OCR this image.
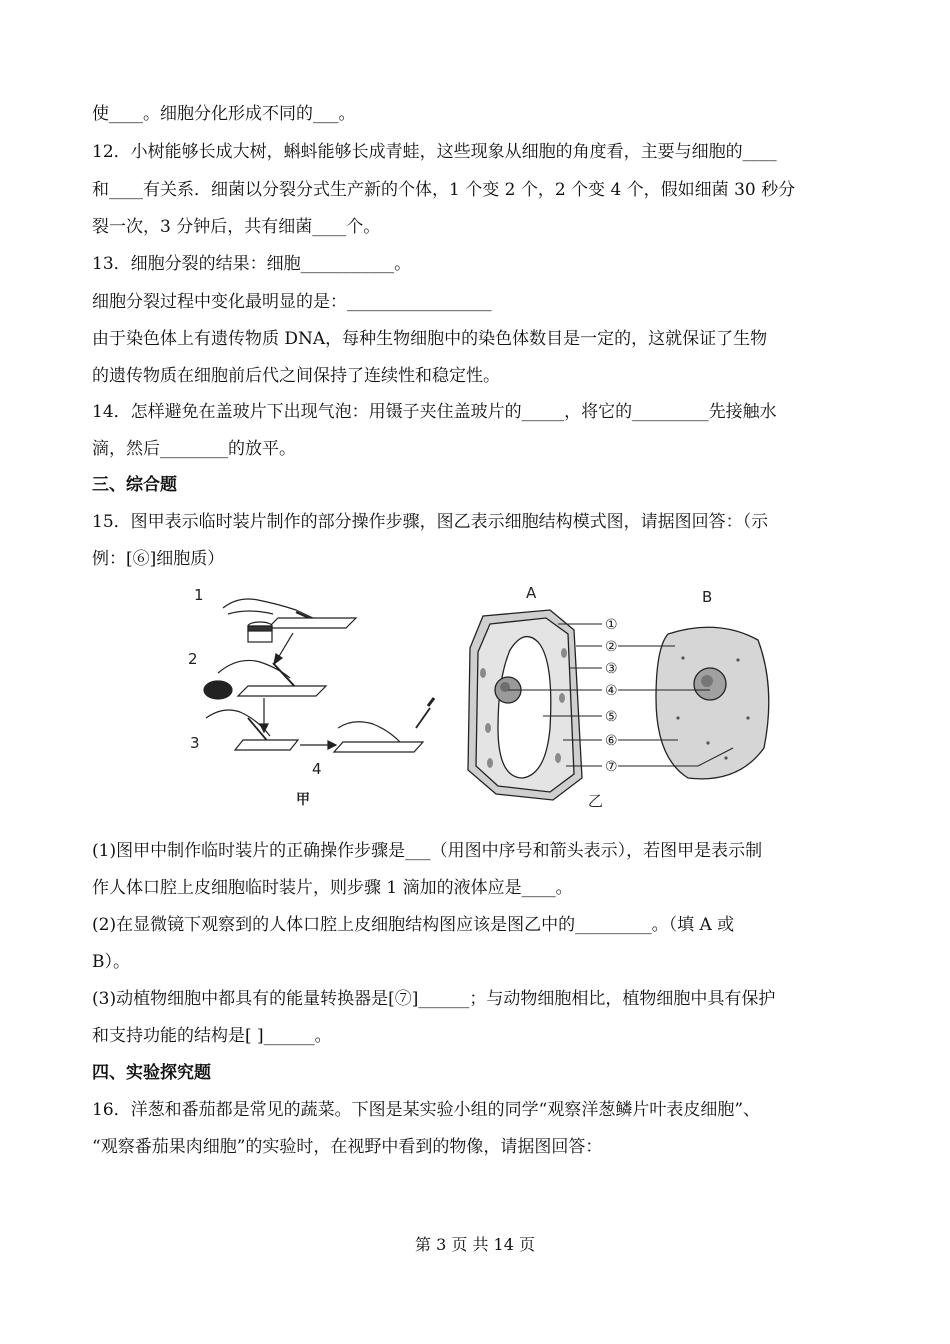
使____。细胞分化形成不同的___。
12．小树能够长成大树，蝌蚪能够长成青蛙，这些现象从细胞的角度看，主要与细胞的____
和____有关系．细菌以分裂分式生产新的个体，1 个变 2 个，2 个变 4 个，假如细菌 30 秒分
裂一次，3 分钟后，共有细菌____个。
13．细胞分裂的结果：细胞___________。
细胞分裂过程中变化最明显的是：_________________
由于染色体上有遗传物质 DNA，每种生物细胞中的染色体数目是一定的，这就保证了生物
的遗传物质在细胞前后代之间保持了连续性和稳定性。
14．怎样避免在盖玻片下出现气泡：用镊子夹住盖玻片的_____，将它的_________先接触水
滴，然后________的放平。
三、综合题
15．图甲表示临时装片制作的部分操作步骤，图乙表示细胞结构模式图，请据图回答：（示
例：[⑥]细胞质）
1
2
3
4
甲
①
②
③
④
⑤
⑥
⑦
A	B
乙
(1)图甲中制作临时装片的正确操作步骤是___（用图中序号和箭头表示），若图甲是表示制
作人体口腔上皮细胞临时装片，则步骤 1 滴加的液体应是____。
(2)在显微镜下观察到的人体口腔上皮细胞结构图应该是图乙中的_________。（填 A 或
B）。
(3)动植物细胞中都具有的能量转换器是[⑦]______；与动物细胞相比，植物细胞中具有保护
和支持功能的结构是[ ]______。
四、实验探究题
16．洋葱和番茄都是常见的蔬菜。下图是某实验小组的同学“观察洋葱鳞片叶表皮细胞”、
“观察番茄果肉细胞”的实验时，在视野中看到的物像，请据图回答：
第 3 页 共 14 页
